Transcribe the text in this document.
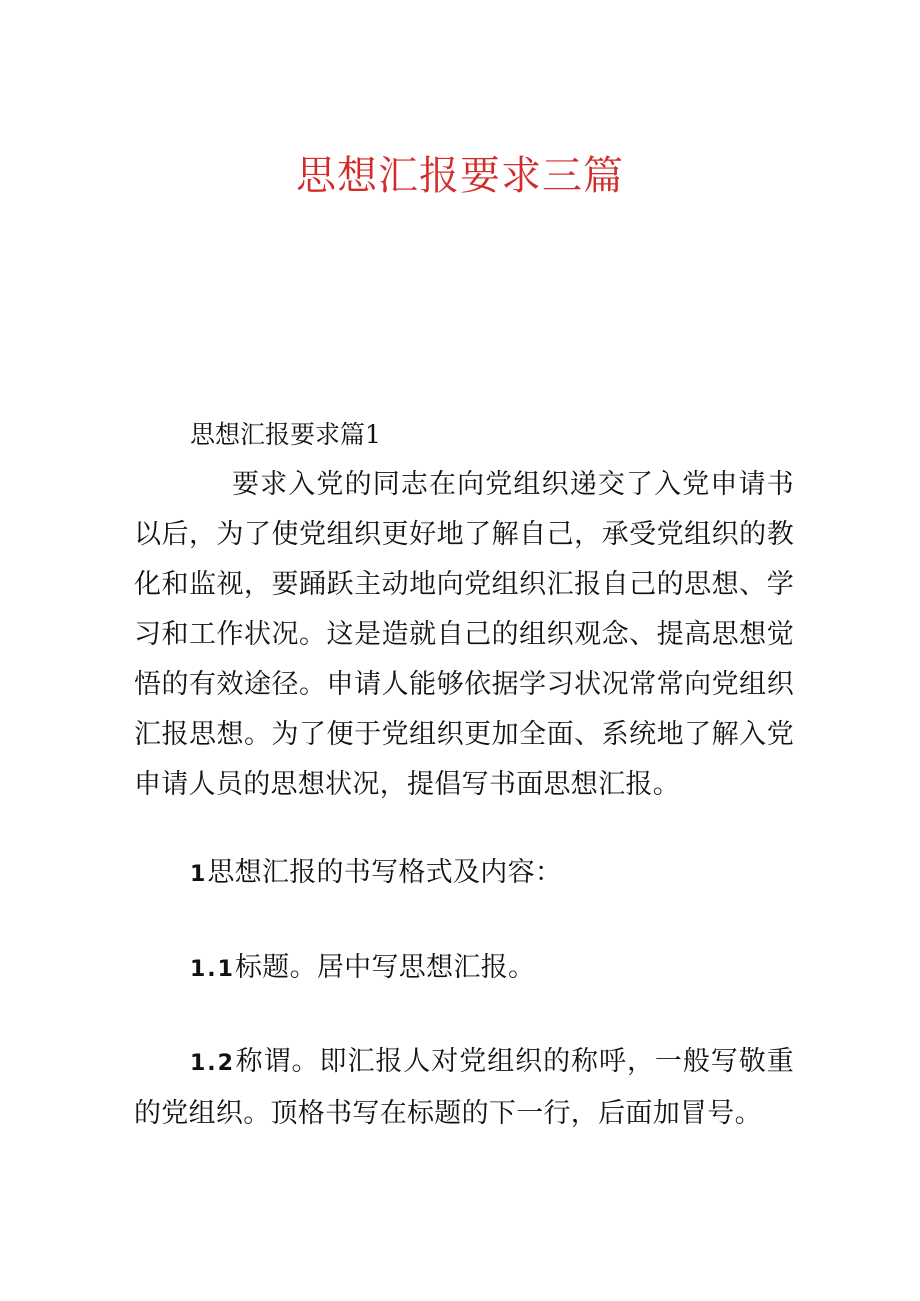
思想汇报要求三篇
思想汇报要求篇1

要求入党的同志在向党组织递交了入党申请书以后，为了使党组织更好地了解自己，承受党组织的教化和监视，要踊跃主动地向党组织汇报自己的思想、学习和工作状况。这是造就自己的组织观念、提高思想觉悟的有效途径。申请人能够依据学习状况常常向党组织汇报思想。为了便于党组织更加全面、系统地了解入党申请人员的思想状况，提倡写书面思想汇报。

1思想汇报的书写格式及内容：

1.1标题。居中写思想汇报。

1.2称谓。即汇报人对党组织的称呼，一般写敬重的党组织。顶格书写在标题的下一行，后面加冒号。
